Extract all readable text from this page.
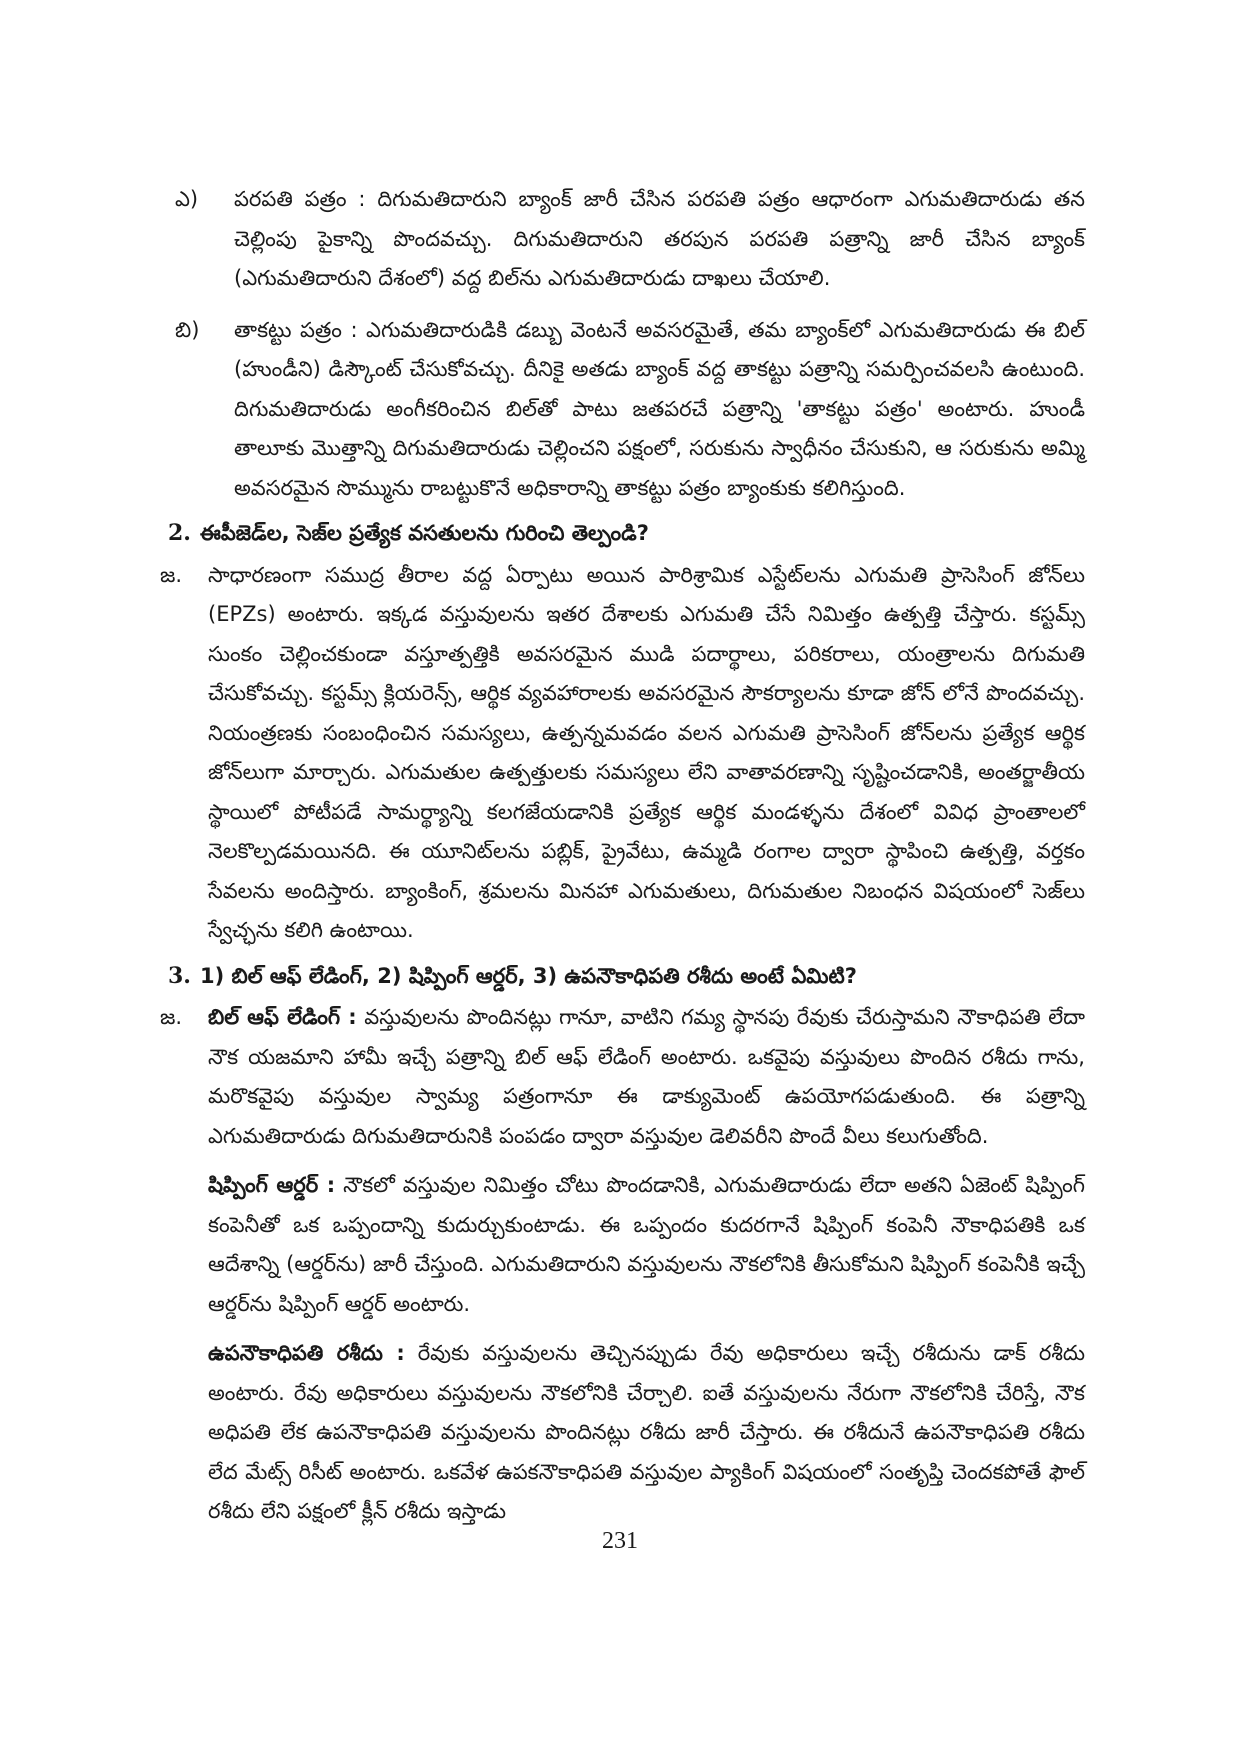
ఎ)	పరపతి పత్రం : దిగుమతిదారుని బ్యాంక్ జారీ చేసిన పరపతి పత్రం ఆధారంగా ఎగుమతిదారుడు తన చెల్లింపు పైకాన్ని పొందవచ్చు. దిగుమతిదారుని తరపున పరపతి పత్రాన్ని జారీ చేసిన బ్యాంక్ (ఎగుమతిదారుని దేశంలో) వద్ద బిల్‌ను ఎగుమతిదారుడు దాఖలు చేయాలి.

బి)	తాకట్టు పత్రం : ఎగుమతిదారుడికి డబ్బు వెంటనే అవసరమైతే, తమ బ్యాంక్‌లో ఎగుమతిదారుడు ఈ బిల్ (హుండీని) డిస్కౌంట్ చేసుకోవచ్చు. దీనికై అతడు బ్యాంక్ వద్ద తాకట్టు పత్రాన్ని సమర్పించవలసి ఉంటుంది. దిగుమతిదారుడు అంగీకరించిన బిల్‌తో పాటు జతపరచే పత్రాన్ని 'తాకట్టు పత్రం' అంటారు. హుండీ తాలూకు మొత్తాన్ని దిగుమతిదారుడు చెల్లించని పక్షంలో, సరుకును స్వాధీనం చేసుకుని, ఆ సరుకును అమ్మి అవసరమైన సొమ్మును రాబట్టుకొనే అధికారాన్ని తాకట్టు పత్రం బ్యాంకుకు కలిగిస్తుంది.

2. ఈపీజెడ్‌ల, సెజ్‌ల ప్రత్యేక వసతులను గురించి తెల్పండి?
జ.	సాధారణంగా సముద్ర తీరాల వద్ద ఏర్పాటు అయిన పారిశ్రామిక ఎస్టేట్‌లను ఎగుమతి ప్రాసెసింగ్ జోన్‌లు (EPZs) అంటారు. ఇక్కడ వస్తువులను ఇతర దేశాలకు ఎగుమతి చేసే నిమిత్తం ఉత్పత్తి చేస్తారు. కస్టమ్స్ సుంకం చెల్లించకుండా వస్తూత్పత్తికి అవసరమైన ముడి పదార్థాలు, పరికరాలు, యంత్రాలను దిగుమతి చేసుకోవచ్చు. కస్టమ్స్ క్లియరెన్స్, ఆర్థిక వ్యవహారాలకు అవసరమైన సౌకర్యాలను కూడా జోన్ లోనే పొందవచ్చు. నియంత్రణకు సంబంధించిన సమస్యలు, ఉత్పన్నమవడం వలన ఎగుమతి ప్రాసెసింగ్ జోన్‌లను ప్రత్యేక ఆర్థిక జోన్‌లుగా మార్చారు. ఎగుమతుల ఉత్పత్తులకు సమస్యలు లేని వాతావరణాన్ని సృష్టించడానికి, అంతర్జాతీయ స్థాయిలో పోటీపడే సామర్థ్యాన్ని కలగజేయడానికి ప్రత్యేక ఆర్థిక మండళ్ళను దేశంలో వివిధ ప్రాంతాలలో నెలకొల్పడమయినది. ఈ యూనిట్‌లను పబ్లిక్, ప్రైవేటు, ఉమ్మడి రంగాల ద్వారా స్థాపించి ఉత్పత్తి, వర్తకం సేవలను అందిస్తారు. బ్యాంకింగ్, శ్రమలను మినహా ఎగుమతులు, దిగుమతుల నిబంధన విషయంలో సెజ్‌లు స్వేచ్ఛను కలిగి ఉంటాయి.

3. 1) బిల్ ఆఫ్ లేడింగ్, 2) షిప్పింగ్ ఆర్డర్, 3) ఉపనౌకాధిపతి రశీదు అంటే ఏమిటి?
జ.	బిల్ ఆఫ్ లేడింగ్ : వస్తువులను పొందినట్లు గానూ, వాటిని గమ్య స్థానపు రేవుకు చేరుస్తామని నౌకాధిపతి లేదా నౌక యజమాని హామీ ఇచ్చే పత్రాన్ని బిల్ ఆఫ్ లేడింగ్ అంటారు. ఒకవైపు వస్తువులు పొందిన రశీదు గాను, మరొకవైపు వస్తువుల స్వామ్య పత్రంగానూ ఈ డాక్యుమెంట్ ఉపయోగపడుతుంది. ఈ పత్రాన్ని ఎగుమతిదారుడు దిగుమతిదారునికి పంపడం ద్వారా వస్తువుల డెలివరీని పొందే వీలు కలుగుతోంది.

షిప్పింగ్ ఆర్డర్ : నౌకలో వస్తువుల నిమిత్తం చోటు పొందడానికి, ఎగుమతిదారుడు లేదా అతని ఏజెంట్ షిప్పింగ్ కంపెనీతో ఒక ఒప్పందాన్ని కుదుర్చుకుంటాడు. ఈ ఒప్పందం కుదరగానే షిప్పింగ్ కంపెనీ నౌకాధిపతికి ఒక ఆదేశాన్ని (ఆర్డర్‌ను) జారీ చేస్తుంది. ఎగుమతిదారుని వస్తువులను నౌకలోనికి తీసుకోమని షిప్పింగ్ కంపెనీకి ఇచ్చే ఆర్డర్‌ను షిప్పింగ్ ఆర్డర్ అంటారు.

ఉపనౌకాధిపతి రశీదు : రేవుకు వస్తువులను తెచ్చినప్పుడు రేవు అధికారులు ఇచ్చే రశీదును డాక్ రశీదు అంటారు. రేవు అధికారులు వస్తువులను నౌకలోనికి చేర్చాలి. ఐతే వస్తువులను నేరుగా నౌకలోనికి చేరిస్తే, నౌక అధిపతి లేక ఉపనౌకాధిపతి వస్తువులను పొందినట్లు రశీదు జారీ చేస్తారు. ఈ రశీదునే ఉపనౌకాధిపతి రశీదు లేద మేట్స్ రిసీట్ అంటారు. ఒకవేళ ఉపకనౌకాధిపతి వస్తువుల ప్యాకింగ్ విషయంలో సంతృప్తి చెందకపోతే ఫౌల్ రశీదు లేని పక్షంలో క్లీన్ రశీదు ఇస్తాడు

231
